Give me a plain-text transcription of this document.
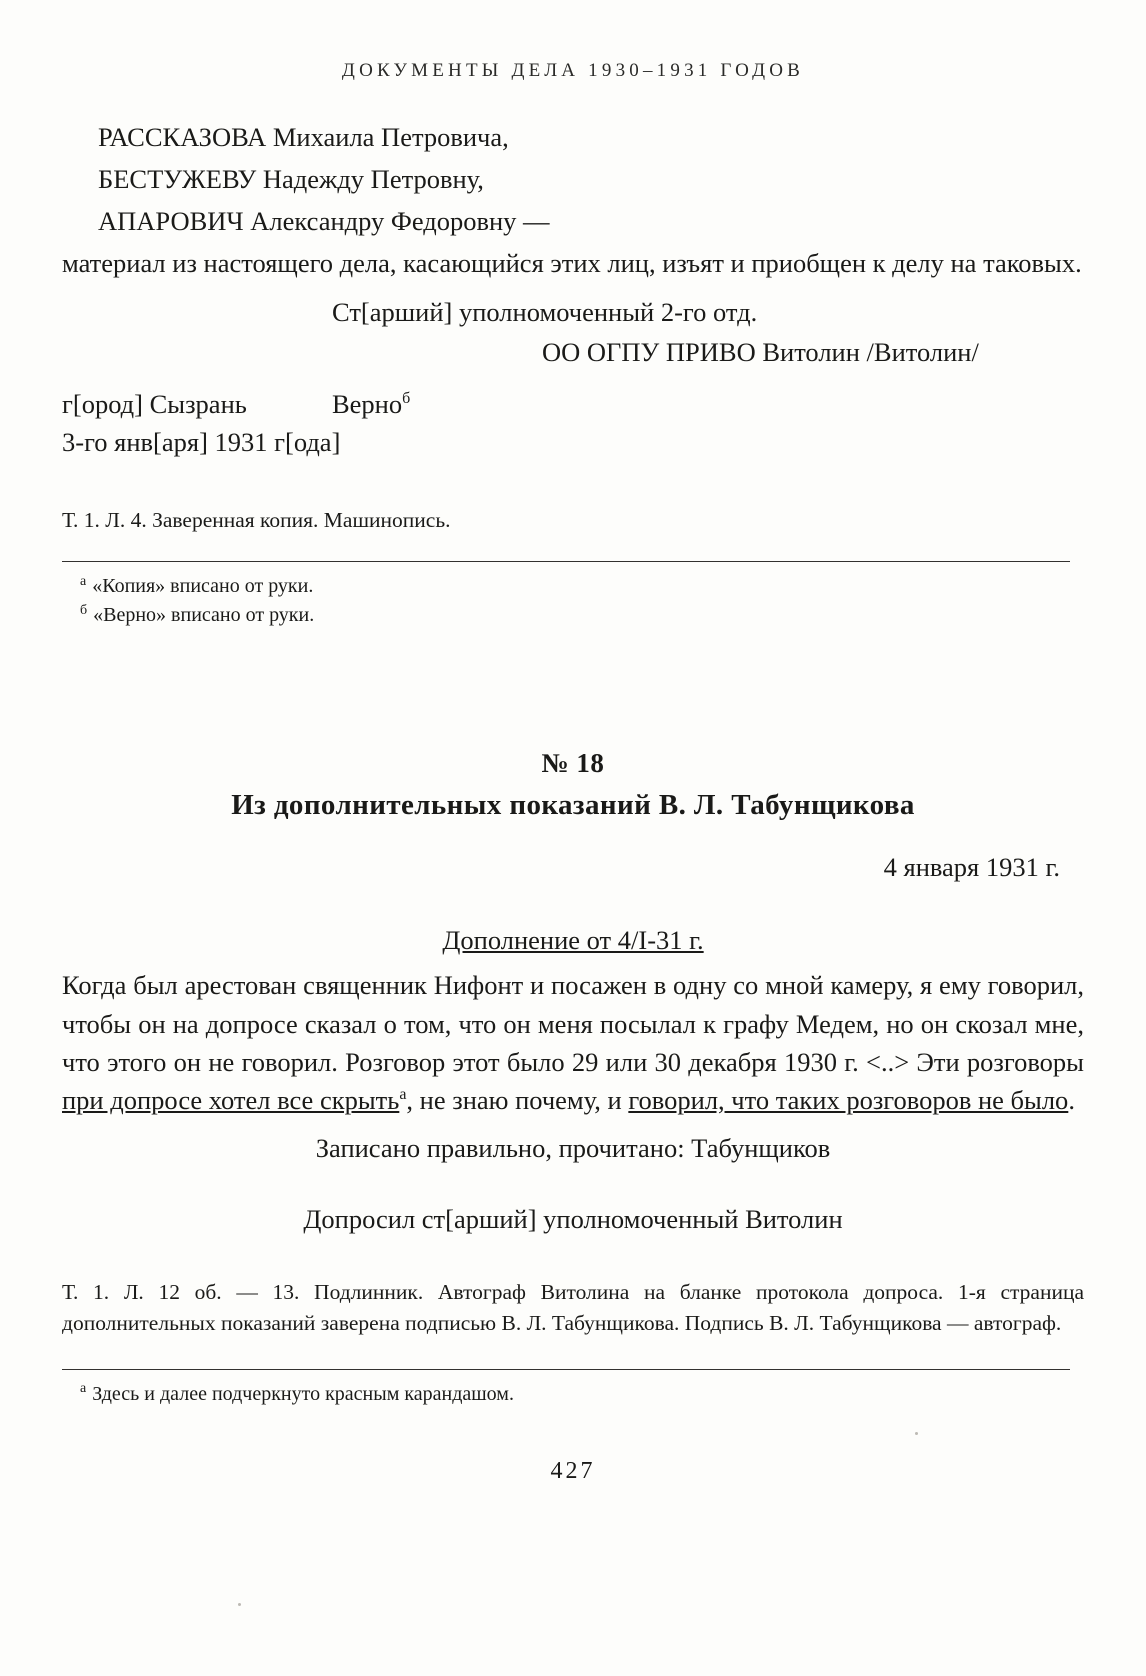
ДОКУМЕНТЫ ДЕЛА 1930–1931 ГОДОВ
РАССКАЗОВА Михаила Петровича,
БЕСТУЖЕВУ Надежду Петровну,
АПАРОВИЧ Александру Федоровну —

материал из настоящего дела, касающийся этих лиц, изъят и приобщен к делу на таковых.

Ст[арший] уполномоченный 2-го отд.
ОО ОГПУ ПРИВО Витолин /Витолин/
г[ород] Сызрань	Верно$^б$
3-го янв[аря] 1931 г[ода]
Т. 1. Л. 4. Заверенная копия. Машинопись.
$^а$ «Копия» вписано от руки.
$^б$ «Верно» вписано от руки.
№ 18
Из дополнительных показаний В. Л. Табунщикова
4 января 1931 г.
Дополнение от 4/I-31 г.
Когда был арестован священник Нифонт и посажен в одну со мной камеру, я ему говорил, чтобы он на допросе сказал о том, что он меня посылал к графу Медем, но он скозал мне, что этого он не говорил. Розговор этот было 29 или 30 декабря 1930 г. <..> Эти розговоры при допросе хотел все скрыть$^а$, не знаю почему, и говорил, что таких розговоров не было.
Записано правильно, прочитано: Табунщиков
Допросил ст[арший] уполномоченный Витолин
Т. 1. Л. 12 об. — 13. Подлинник. Автограф Витолина на бланке протокола допроса. 1-я страница дополнительных показаний заверена подписью В. Л. Табунщикова. Подпись В. Л. Табунщикова — автограф.
$^а$ Здесь и далее подчеркнуто красным карандашом.
427
